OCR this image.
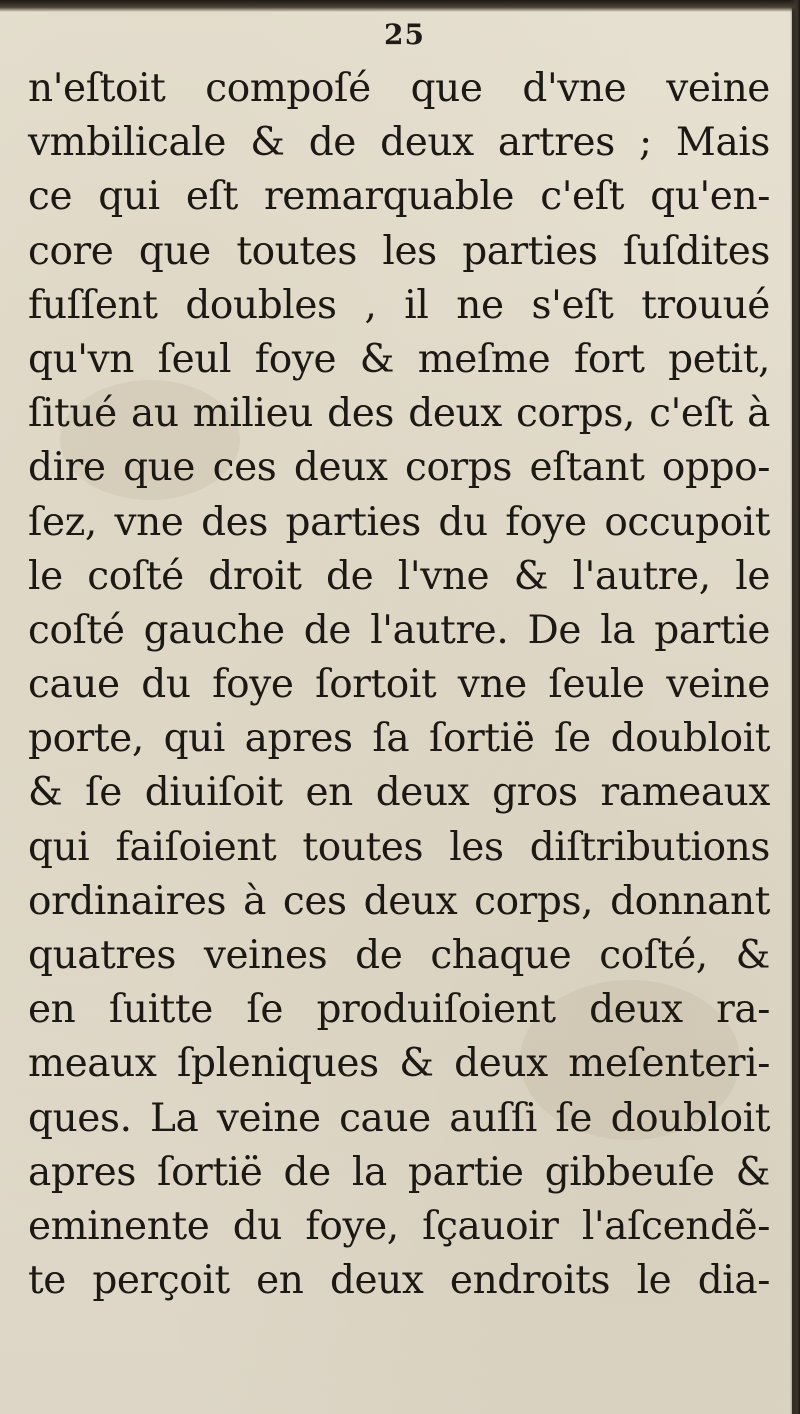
25
n'eſtoit compoſé que d'vne veine
vmbilicale & de deux artres ; Mais
ce qui eſt remarquable c'eſt qu'en-
core que toutes les parties ſuſdites
fuſſent doubles , il ne s'eſt trouué
qu'vn ſeul foye & meſme fort petit,
ſitué au milieu des deux corps, c'eſt à
dire que ces deux corps eſtant oppo-
ſez, vne des parties du foye occupoit
le coſté droit de l'vne & l'autre, le
coſté gauche de l'autre. De la partie
caue du foye ſortoit vne ſeule veine
porte, qui apres ſa ſortië ſe doubloit
& ſe diuiſoit en deux gros rameaux
qui faiſoient toutes les diſtributions
ordinaires à ces deux corps, donnant
quatres veines de chaque coſté, &
en ſuitte ſe produiſoient deux ra-
meaux ſpleniques & deux meſenteri-
ques. La veine caue auſſi ſe doubloit
apres ſortië de la partie gibbeuſe &
eminente du foye, ſçauoir l'aſcendẽ-
te perçoit en deux endroits le dia-
